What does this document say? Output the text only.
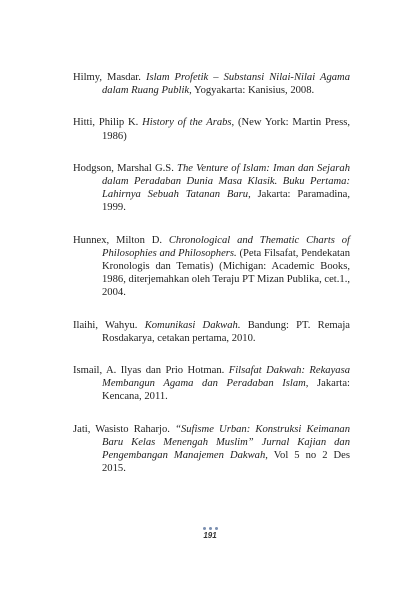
Hilmy, Masdar. Islam Profetik – Substansi Nilai-Nilai Agama dalam Ruang Publik, Yogyakarta: Kanisius, 2008.

Hitti, Philip K. History of the Arabs, (New York: Martin Press, 1986)

Hodgson, Marshal G.S. The Venture of Islam: Iman dan Sejarah dalam Peradaban Dunia Masa Klasik. Buku Pertama: Lahirnya Sebuah Tatanan Baru, Jakarta: Paramadina, 1999.

Hunnex, Milton D. Chronological and Thematic Charts of Philosophies and Philosophers. (Peta Filsafat, Pendekatan Kronologis dan Tematis) (Michigan: Academic Books, 1986, diterjemahkan oleh Teraju PT Mizan Publika, cet.1., 2004.

Ilaihi, Wahyu. Komunikasi Dakwah. Bandung: PT. Remaja Rosdakarya, cetakan pertama, 2010.

Ismail, A. Ilyas dan Prio Hotman. Filsafat Dakwah: Rekayasa Membangun Agama dan Peradaban Islam, Jakarta: Kencana, 2011.

Jati, Wasisto Raharjo. “Sufisme Urban: Konstruksi Keimanan Baru Kelas Menengah Muslim” Jurnal Kajian dan Pengembangan Manajemen Dakwah, Vol 5 no 2 Des 2015.

191
